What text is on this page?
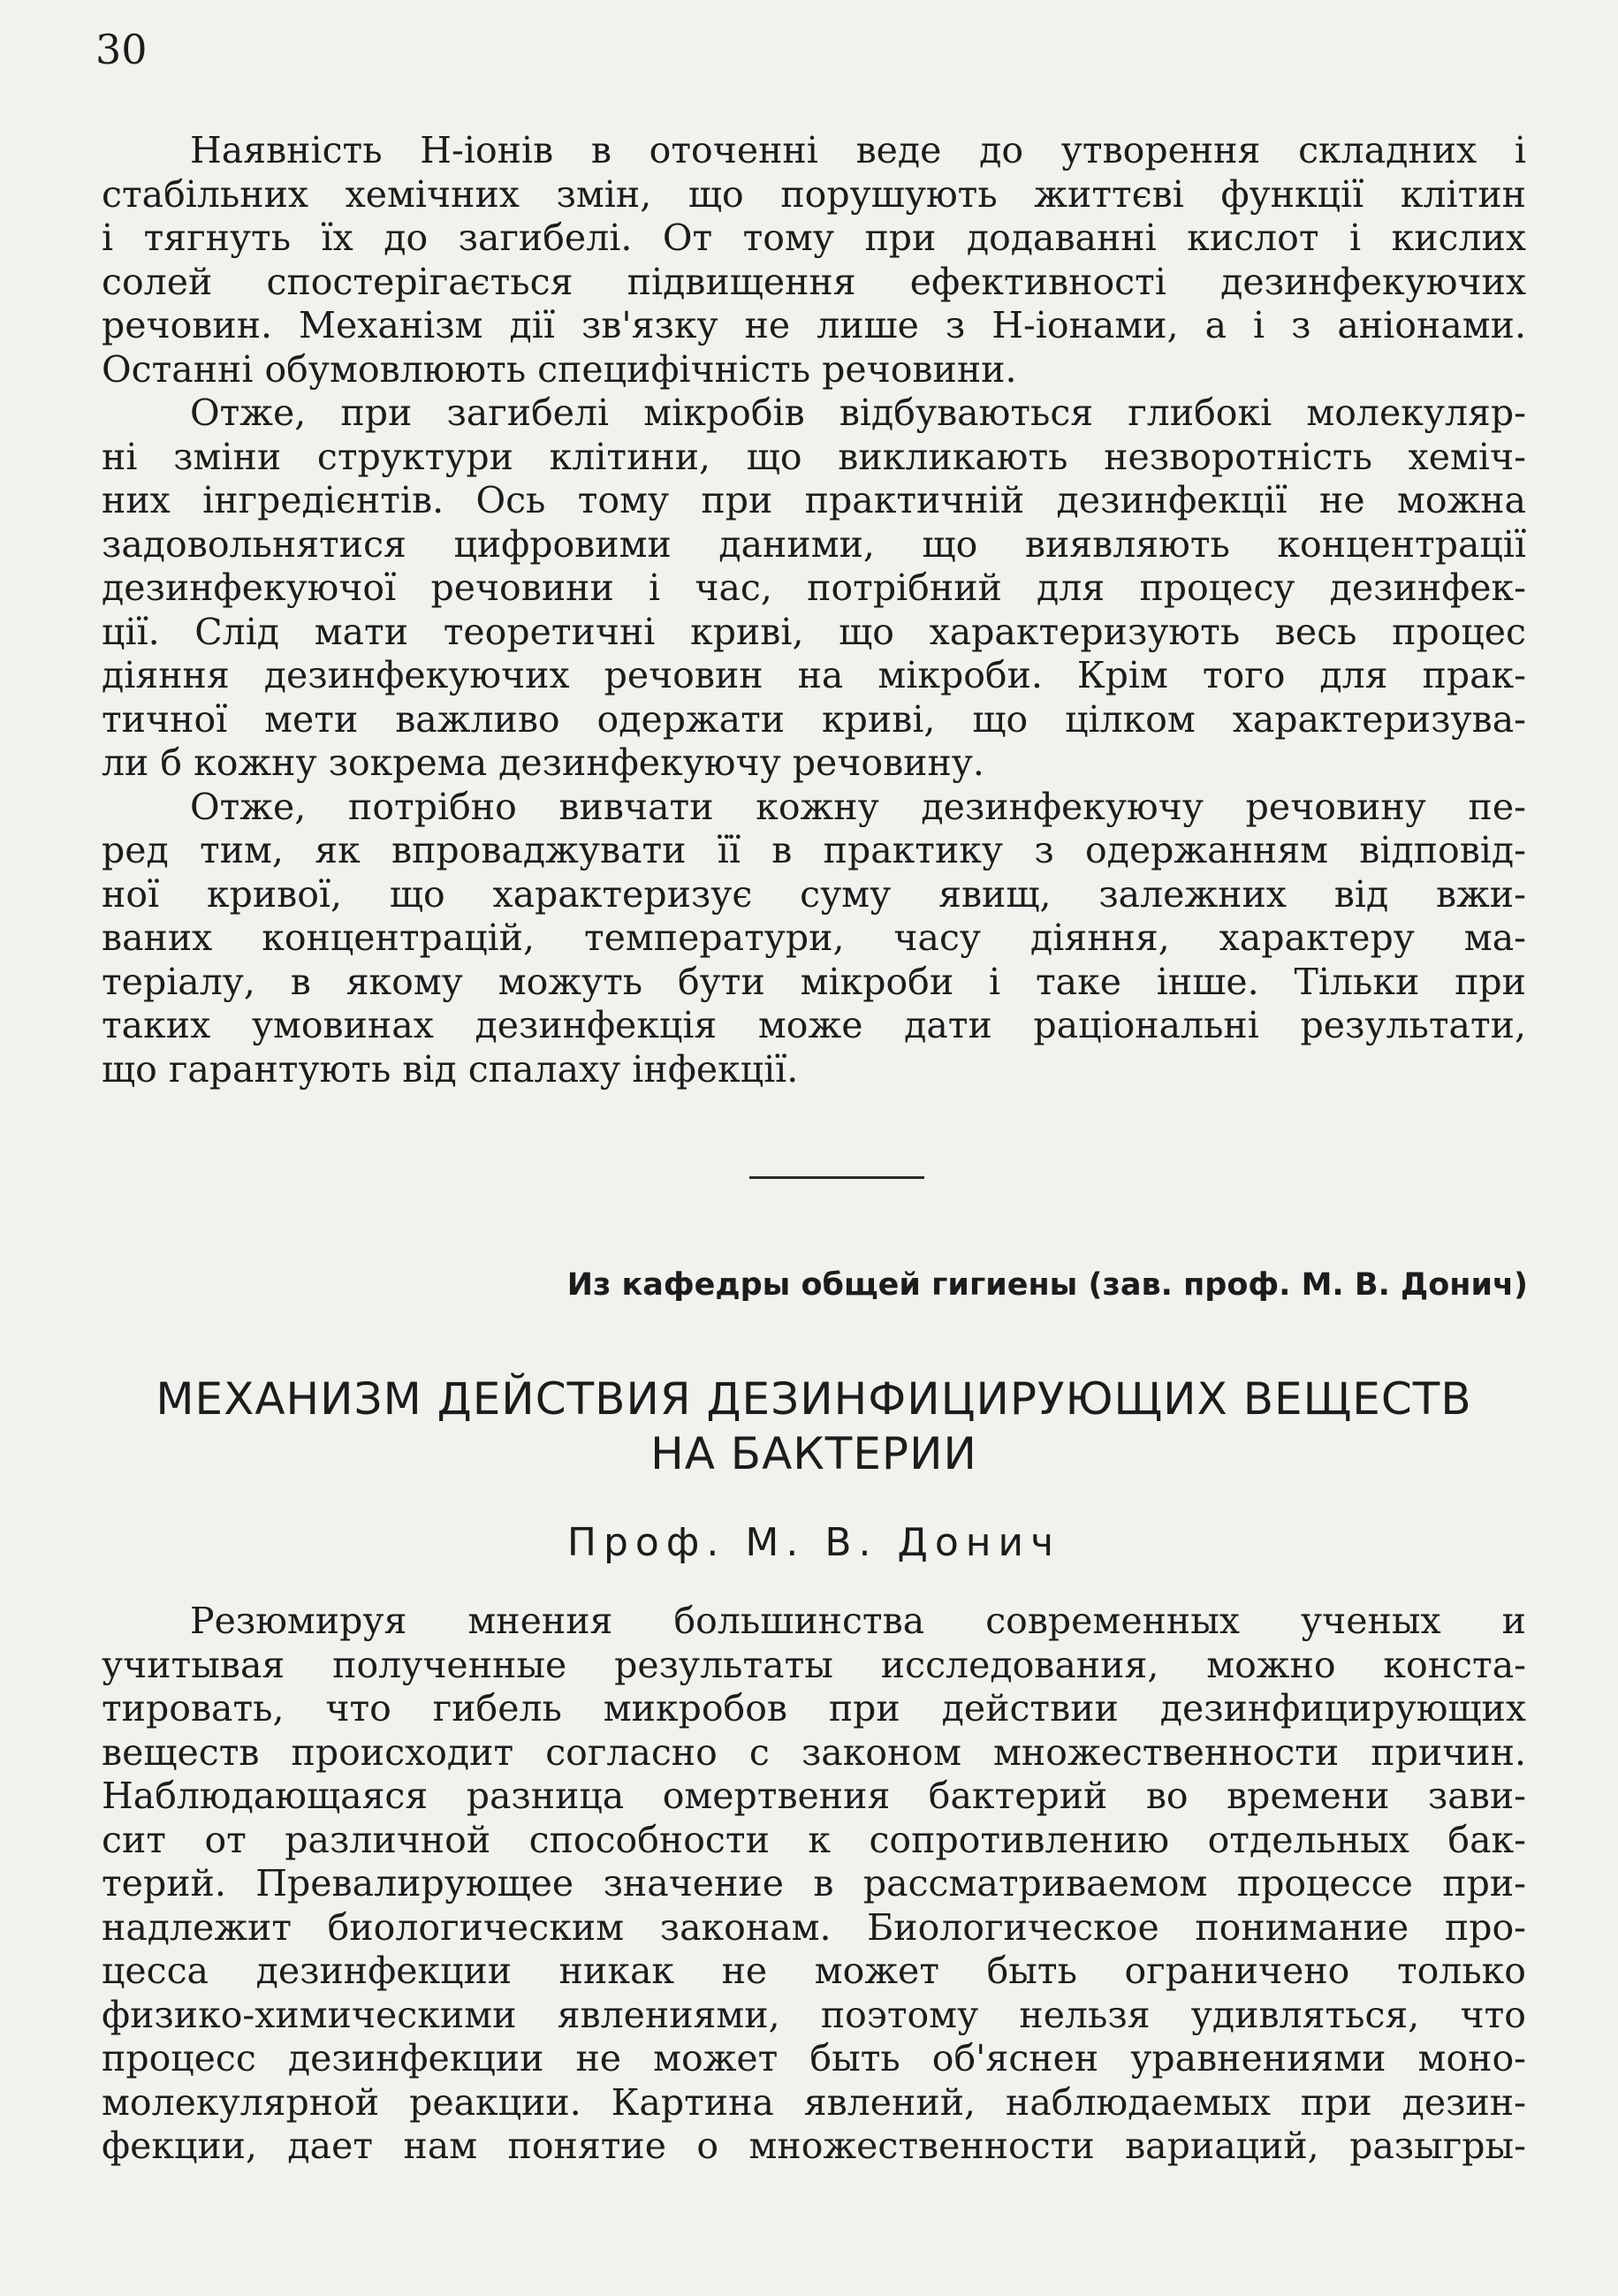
30

Наявність Н-іонів в оточенні веде до утворення складних і
стабільних хемічних змін, що порушують життєві функції клітин
і тягнуть їх до загибелі. От тому при додаванні кислот і кислих
солей спостерігається підвищення ефективності дезинфекуючих
речовин. Механізм дії зв'язку не лише з Н-іонами, а і з аніонами.
Останні обумовлюють специфічність речовини.

Отже, при загибелі мікробів відбуваються глибокі молекуляр-
ні зміни структури клітини, що викликають незворотність хеміч-
них інгредієнтів. Ось тому при практичній дезинфекції не можна
задовольнятися цифровими даними, що виявляють концентрації
дезинфекуючої речовини і час, потрібний для процесу дезинфек-
ції. Слід мати теоретичні криві, що характеризують весь процес
діяння дезинфекуючих речовин на мікроби. Крім того для прак-
тичної мети важливо одержати криві, що цілком характеризува-
ли б кожну зокрема дезинфекуючу речовину.

Отже, потрібно вивчати кожну дезинфекуючу речовину пе-
ред тим, як впроваджувати її в практику з одержанням відповід-
ної кривої, що характеризує суму явищ, залежних від вжи-
ваних концентрацій, температури, часу діяння, характеру ма-
теріалу, в якому можуть бути мікроби і таке інше. Тільки при
таких умовинах дезинфекція може дати раціональні результати,
що гарантують від спалаху інфекції.

Из кафедры общей гигиены (зав. проф. М. В. Донич)
МЕХАНИЗМ ДЕЙСТВИЯ ДЕЗИНФИЦИРУЮЩИХ ВЕЩЕСТВ
НА БАКТЕРИИ
Проф. М. В. Донич

Резюмируя мнения большинства современных ученых и
учитывая полученные результаты исследования, можно конста-
тировать, что гибель микробов при действии дезинфицирующих
веществ происходит согласно с законом множественности причин.
Наблюдающаяся разница омертвения бактерий во времени зави-
сит от различной способности к сопротивлению отдельных бак-
терий. Превалирующее значение в рассматриваемом процессе при-
надлежит биологическим законам. Биологическое понимание про-
цесса дезинфекции никак не может быть ограничено только
физико-химическими явлениями, поэтому нельзя удивляться, что
процесс дезинфекции не может быть об'яснен уравнениями моно-
молекулярной реакции. Картина явлений, наблюдаемых при дезин-
фекции, дает нам понятие о множественности вариаций, разыгры-
